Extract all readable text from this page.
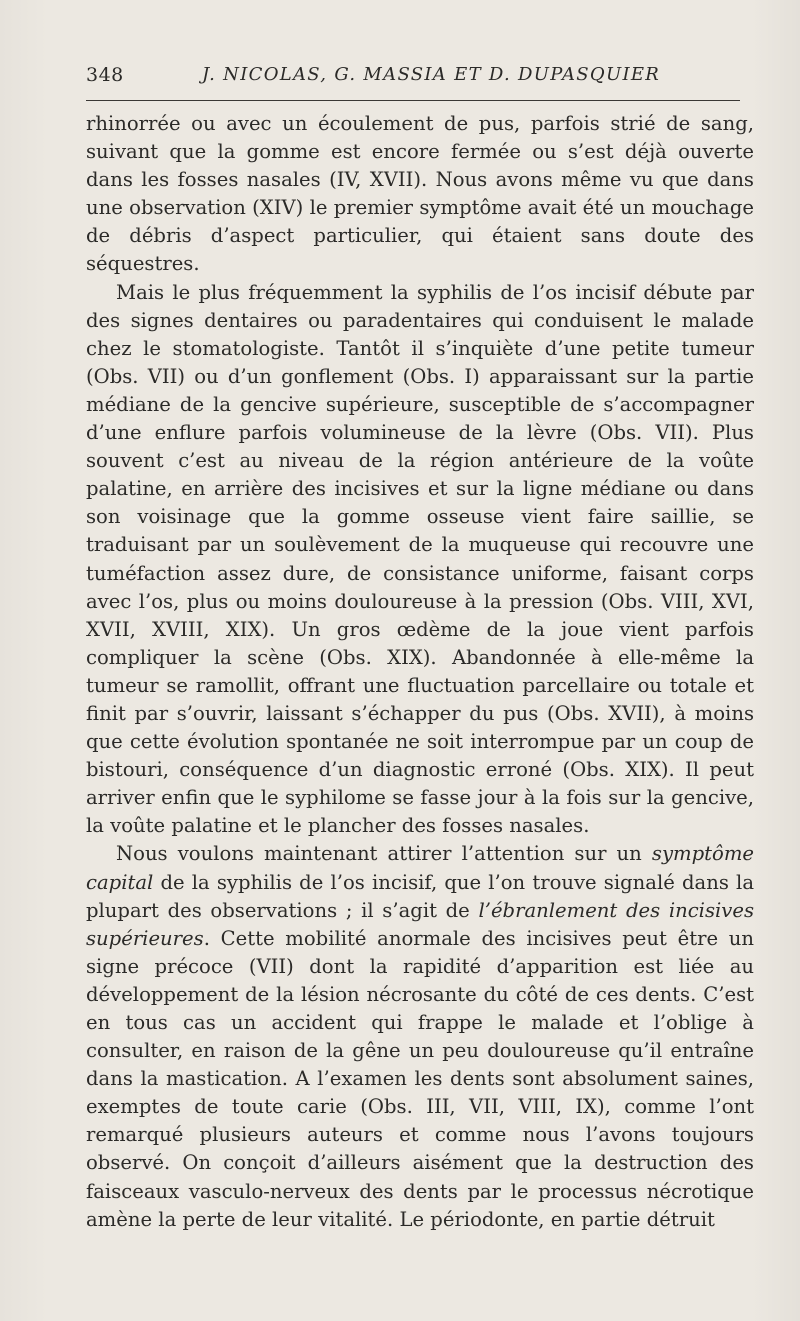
348	J. NICOLAS, G. MASSIA ET D. DUPASQUIER

rhinorrée ou avec un écoulement de pus, parfois strié de sang, suivant que la gomme est encore fermée ou s’est déjà ouverte dans les fosses nasales (IV, XVII). Nous avons même vu que dans une observation (XIV) le premier symptôme avait été un mouchage de débris d’aspect particulier, qui étaient sans doute des séquestres.

Mais le plus fréquemment la syphilis de l’os incisif débute par des signes dentaires ou paradentaires qui conduisent le malade chez le stomatologiste. Tantôt il s’inquiète d’une petite tumeur (Obs. VII) ou d’un gonflement (Obs. I) apparaissant sur la partie médiane de la gencive supérieure, susceptible de s’accompagner d’une enflure parfois volumineuse de la lèvre (Obs. VII). Plus souvent c’est au niveau de la région antérieure de la voûte palatine, en arrière des incisives et sur la ligne médiane ou dans son voisinage que la gomme osseuse vient faire saillie, se traduisant par un soulèvement de la muqueuse qui recouvre une tuméfaction assez dure, de consistance uniforme, faisant corps avec l’os, plus ou moins douloureuse à la pression (Obs. VIII, XVI, XVII, XVIII, XIX). Un gros œdème de la joue vient parfois compliquer la scène (Obs. XIX). Abandonnée à elle-même la tumeur se ramollit, offrant une fluctuation parcellaire ou totale et finit par s’ouvrir, laissant s’échapper du pus (Obs. XVII), à moins que cette évolution spontanée ne soit interrompue par un coup de bistouri, conséquence d’un diagnostic erroné (Obs. XIX). Il peut arriver enfin que le syphilome se fasse jour à la fois sur la gencive, la voûte palatine et le plancher des fosses nasales.

Nous voulons maintenant attirer l’attention sur un symptôme capital de la syphilis de l’os incisif, que l’on trouve signalé dans la plupart des observations ; il s’agit de l’ébranlement des incisives supérieures. Cette mobilité anormale des incisives peut être un signe précoce (VII) dont la rapidité d’apparition est liée au développement de la lésion nécrosante du côté de ces dents. C’est en tous cas un accident qui frappe le malade et l’oblige à consulter, en raison de la gêne un peu douloureuse qu’il entraîne dans la mastication. A l’examen les dents sont absolument saines, exemptes de toute carie (Obs. III, VII, VIII, IX), comme l’ont remarqué plusieurs auteurs et comme nous l’avons toujours observé. On conçoit d’ailleurs aisément que la destruction des faisceaux vasculo-nerveux des dents par le processus nécrotique amène la perte de leur vitalité. Le périodonte, en partie détruit
